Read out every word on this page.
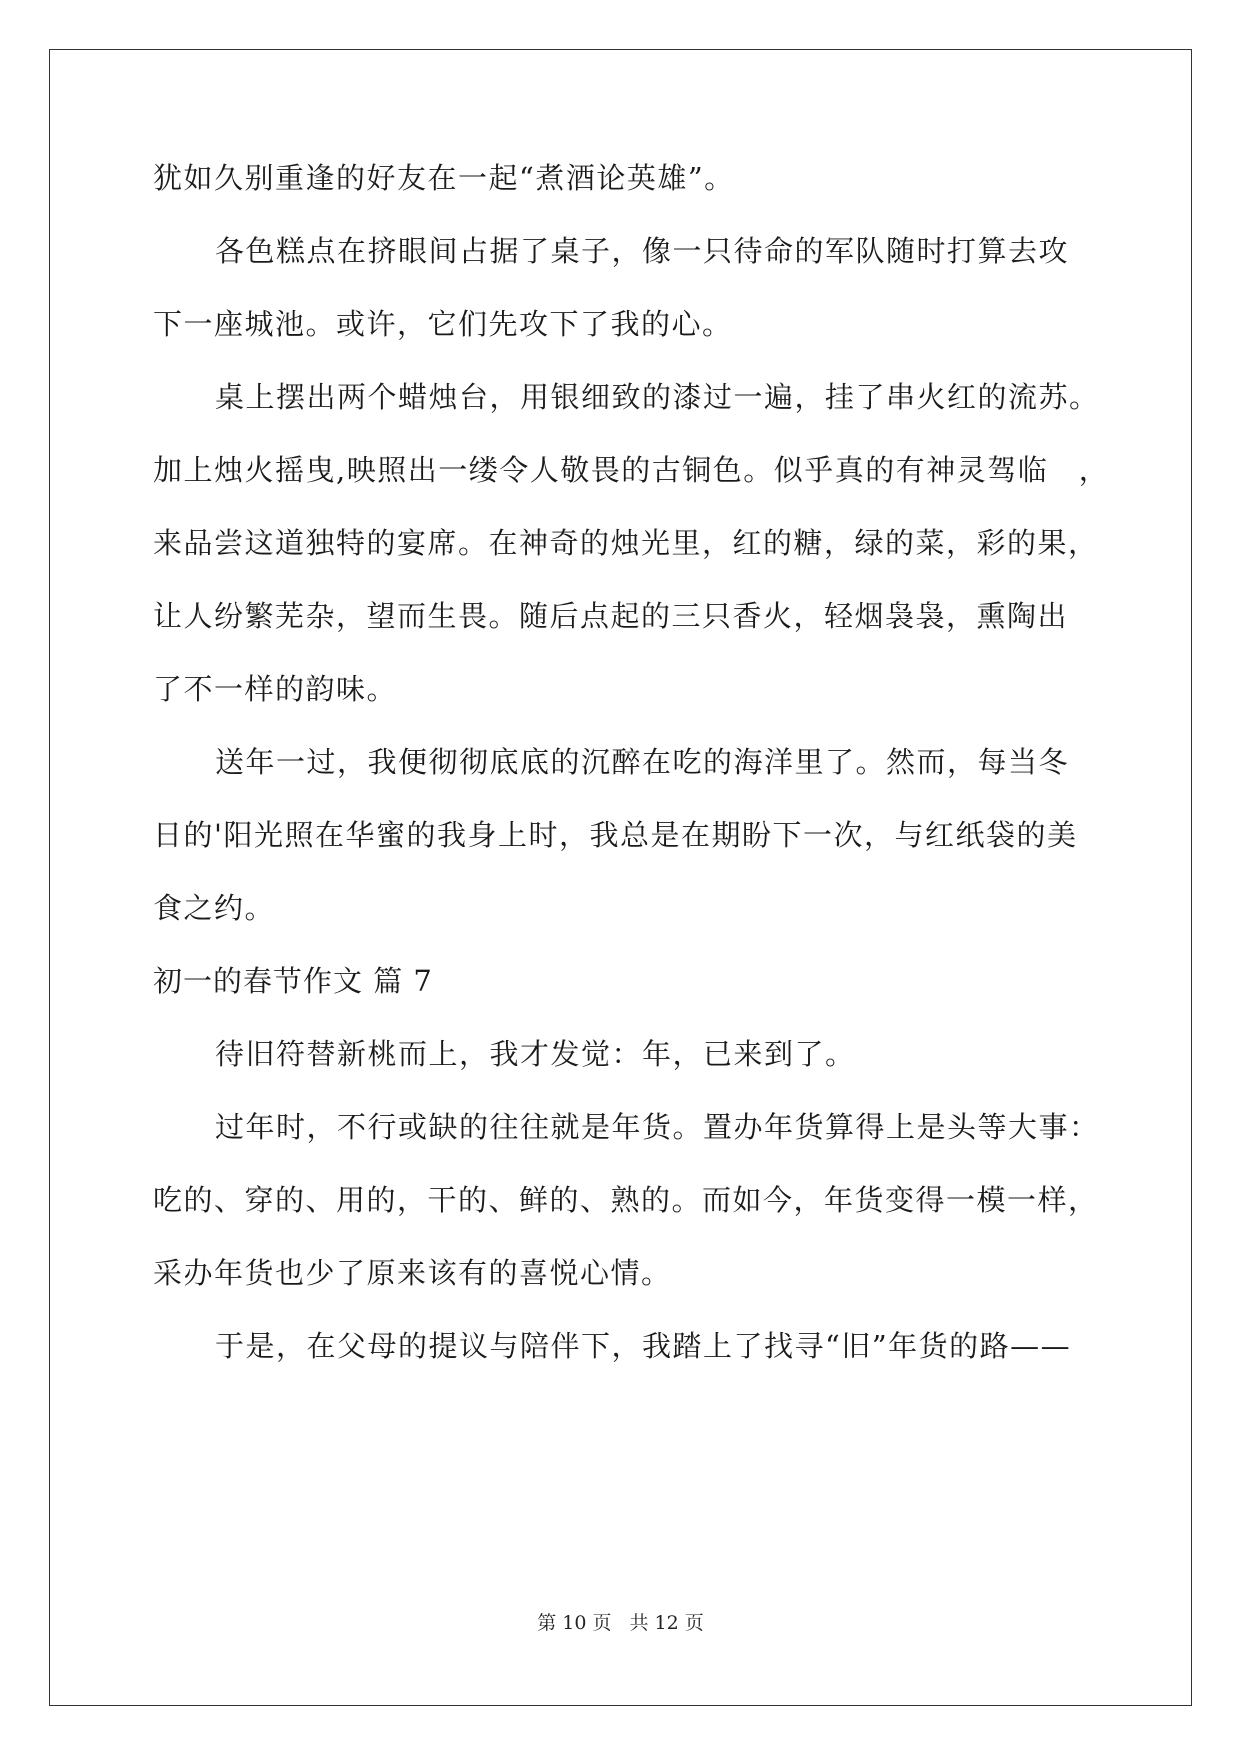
犹如久别重逢的好友在一起“煮酒论英雄”。
各色糕点在挤眼间占据了桌子，像一只待命的军队随时打算去攻
下一座城池。或许，它们先攻下了我的心。
桌上摆出两个蜡烛台，用银细致的漆过一遍，挂了串火红的流苏。
加上烛火摇曳,映照出一缕令人敬畏的古铜色。似乎真的有神灵驾临　，
来品尝这道独特的宴席。在神奇的烛光里，红的糖，绿的菜，彩的果，
让人纷繁芜杂，望而生畏。随后点起的三只香火，轻烟袅袅，熏陶出
了不一样的韵味。
送年一过，我便彻彻底底的沉醉在吃的海洋里了。然而，每当冬
日的'阳光照在华蜜的我身上时，我总是在期盼下一次，与红纸袋的美
食之约。
初一的春节作文 篇 7
待旧符替新桃而上，我才发觉：年，已来到了。
过年时，不行或缺的往往就是年货。置办年货算得上是头等大事：
吃的、穿的、用的，干的、鲜的、熟的。而如今，年货变得一模一样，
采办年货也少了原来该有的喜悦心情。
于是，在父母的提议与陪伴下，我踏上了找寻“旧”年货的路——
第 10 页 共 12 页
